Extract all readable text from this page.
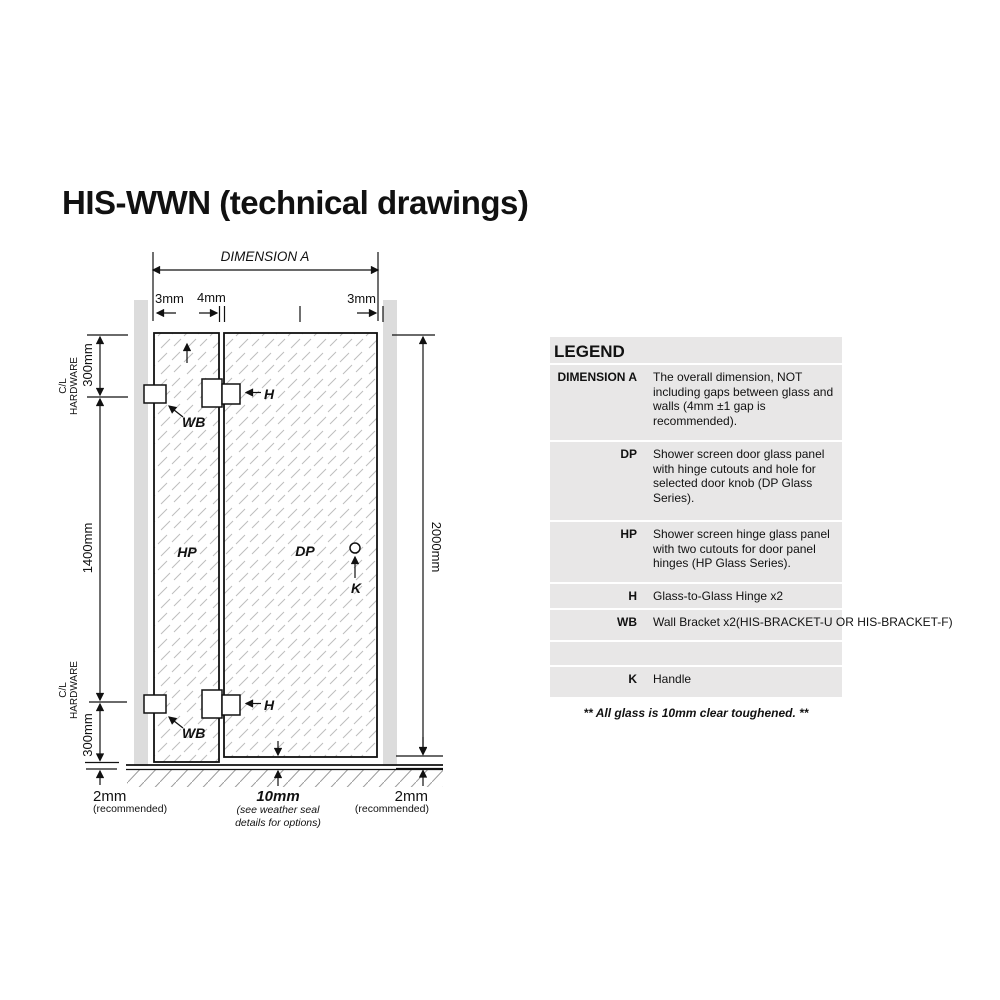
HIS-WWN (technical drawings)
DIMENSION A
3mm 4mm	3mm
300mm
C/L HARDWARE
1400mm
C/L HARDWARE
300mm
2000mm
HP	DP
H
H
WB
WB
K
2mm
(recommended)
10mm
(see weather seal
details for options)
2mm
(recommended)
LEGEND
DIMENSION A The overall dimension, NOT including gaps between glass and walls (4mm ±1 gap is recommended).
DP Shower screen door glass panel with hinge cutouts and hole for selected door knob (DP Glass Series).
HP Shower screen hinge glass panel with two cutouts for door panel hinges (HP Glass Series).
H Glass-to-Glass Hinge x2
WB Wall Bracket x2(HIS-BRACKET-U OR HIS-BRACKET-F)
K Handle
** All glass is 10mm clear toughened. **
